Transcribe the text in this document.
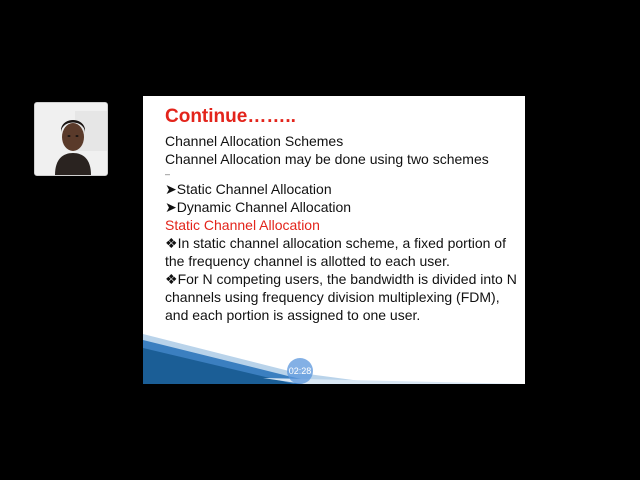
Continue……..
Channel Allocation Schemes
Channel Allocation may be done using two schemes
–
➤Static Channel Allocation
➤Dynamic Channel Allocation
Static Channel Allocation
❖In static channel allocation scheme, a fixed portion of the frequency channel is allotted to each user.
❖For N competing users, the bandwidth is divided into N channels using frequency division multiplexing (FDM), and each portion is assigned to one user.
02:28
